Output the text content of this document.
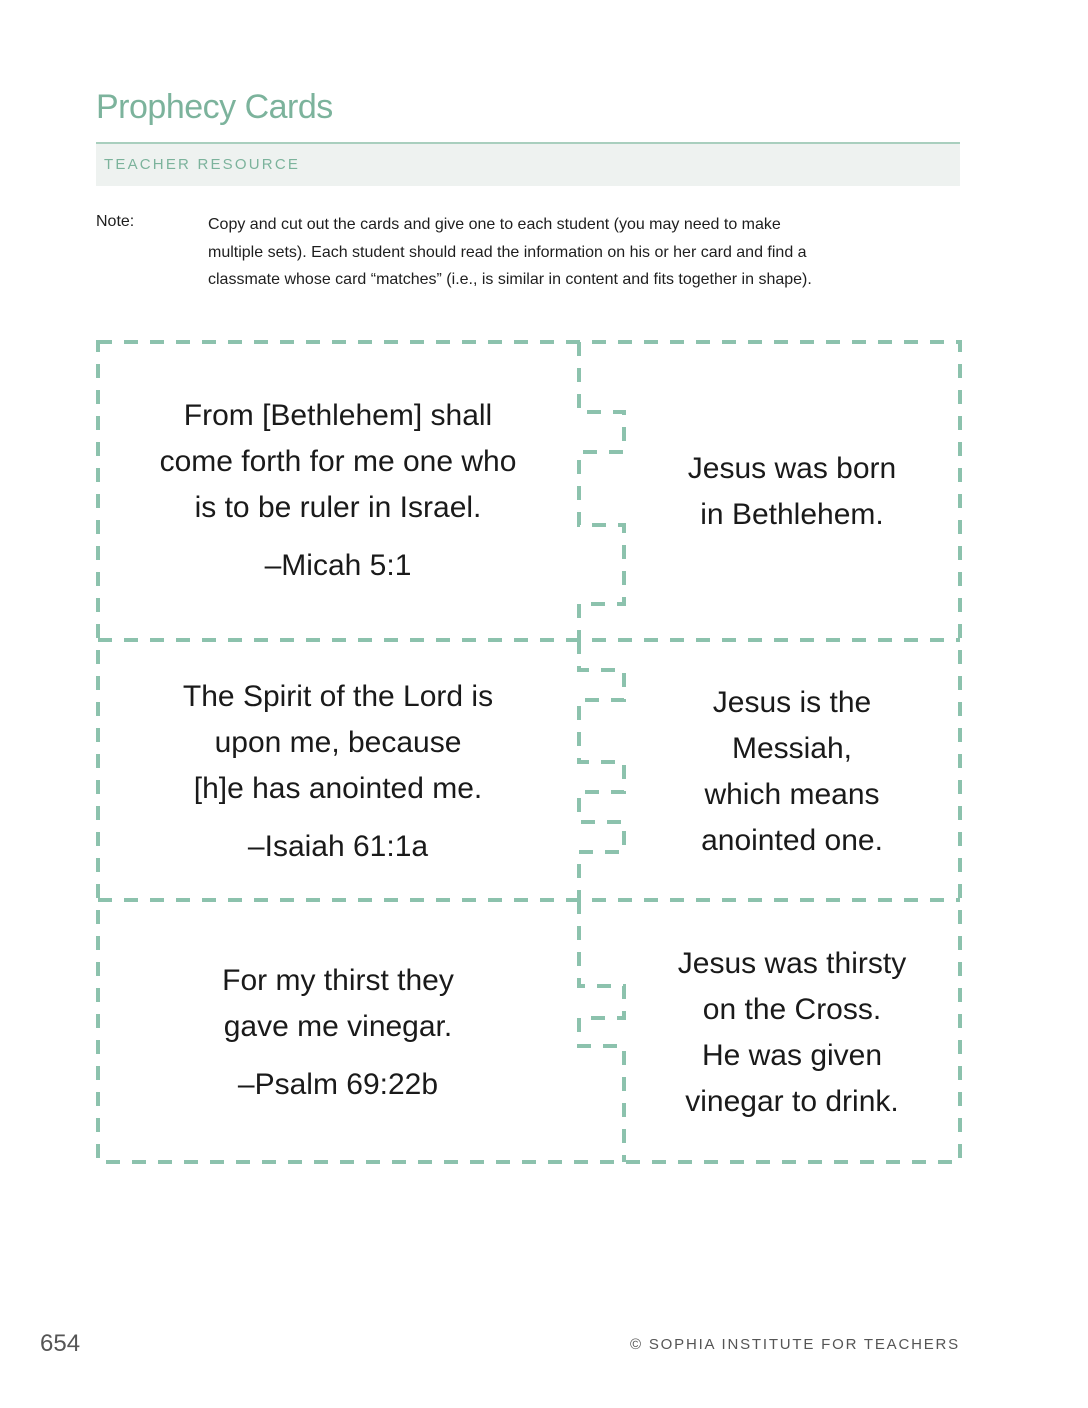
Prophecy Cards
TEACHER RESOURCE
Note:	Copy and cut out the cards and give one to each student (you may need to make
multiple sets). Each student should read the information on his or her card and find a
classmate whose card “matches” (i.e., is similar in content and fits together in shape).
From [Bethlehem] shall
come forth for me one who
is to be ruler in Israel.
–Micah 5:1
Jesus was born
in Bethlehem.
The Spirit of the Lord is
upon me, because
[h]e has anointed me.
–Isaiah 61:1a
Jesus is the
Messiah,
which means
anointed one.
For my thirst they
gave me vinegar.
–Psalm 69:22b
Jesus was thirsty
on the Cross.
He was given
vinegar to drink.
654	© SOPHIA INSTITUTE FOR TEACHERS
